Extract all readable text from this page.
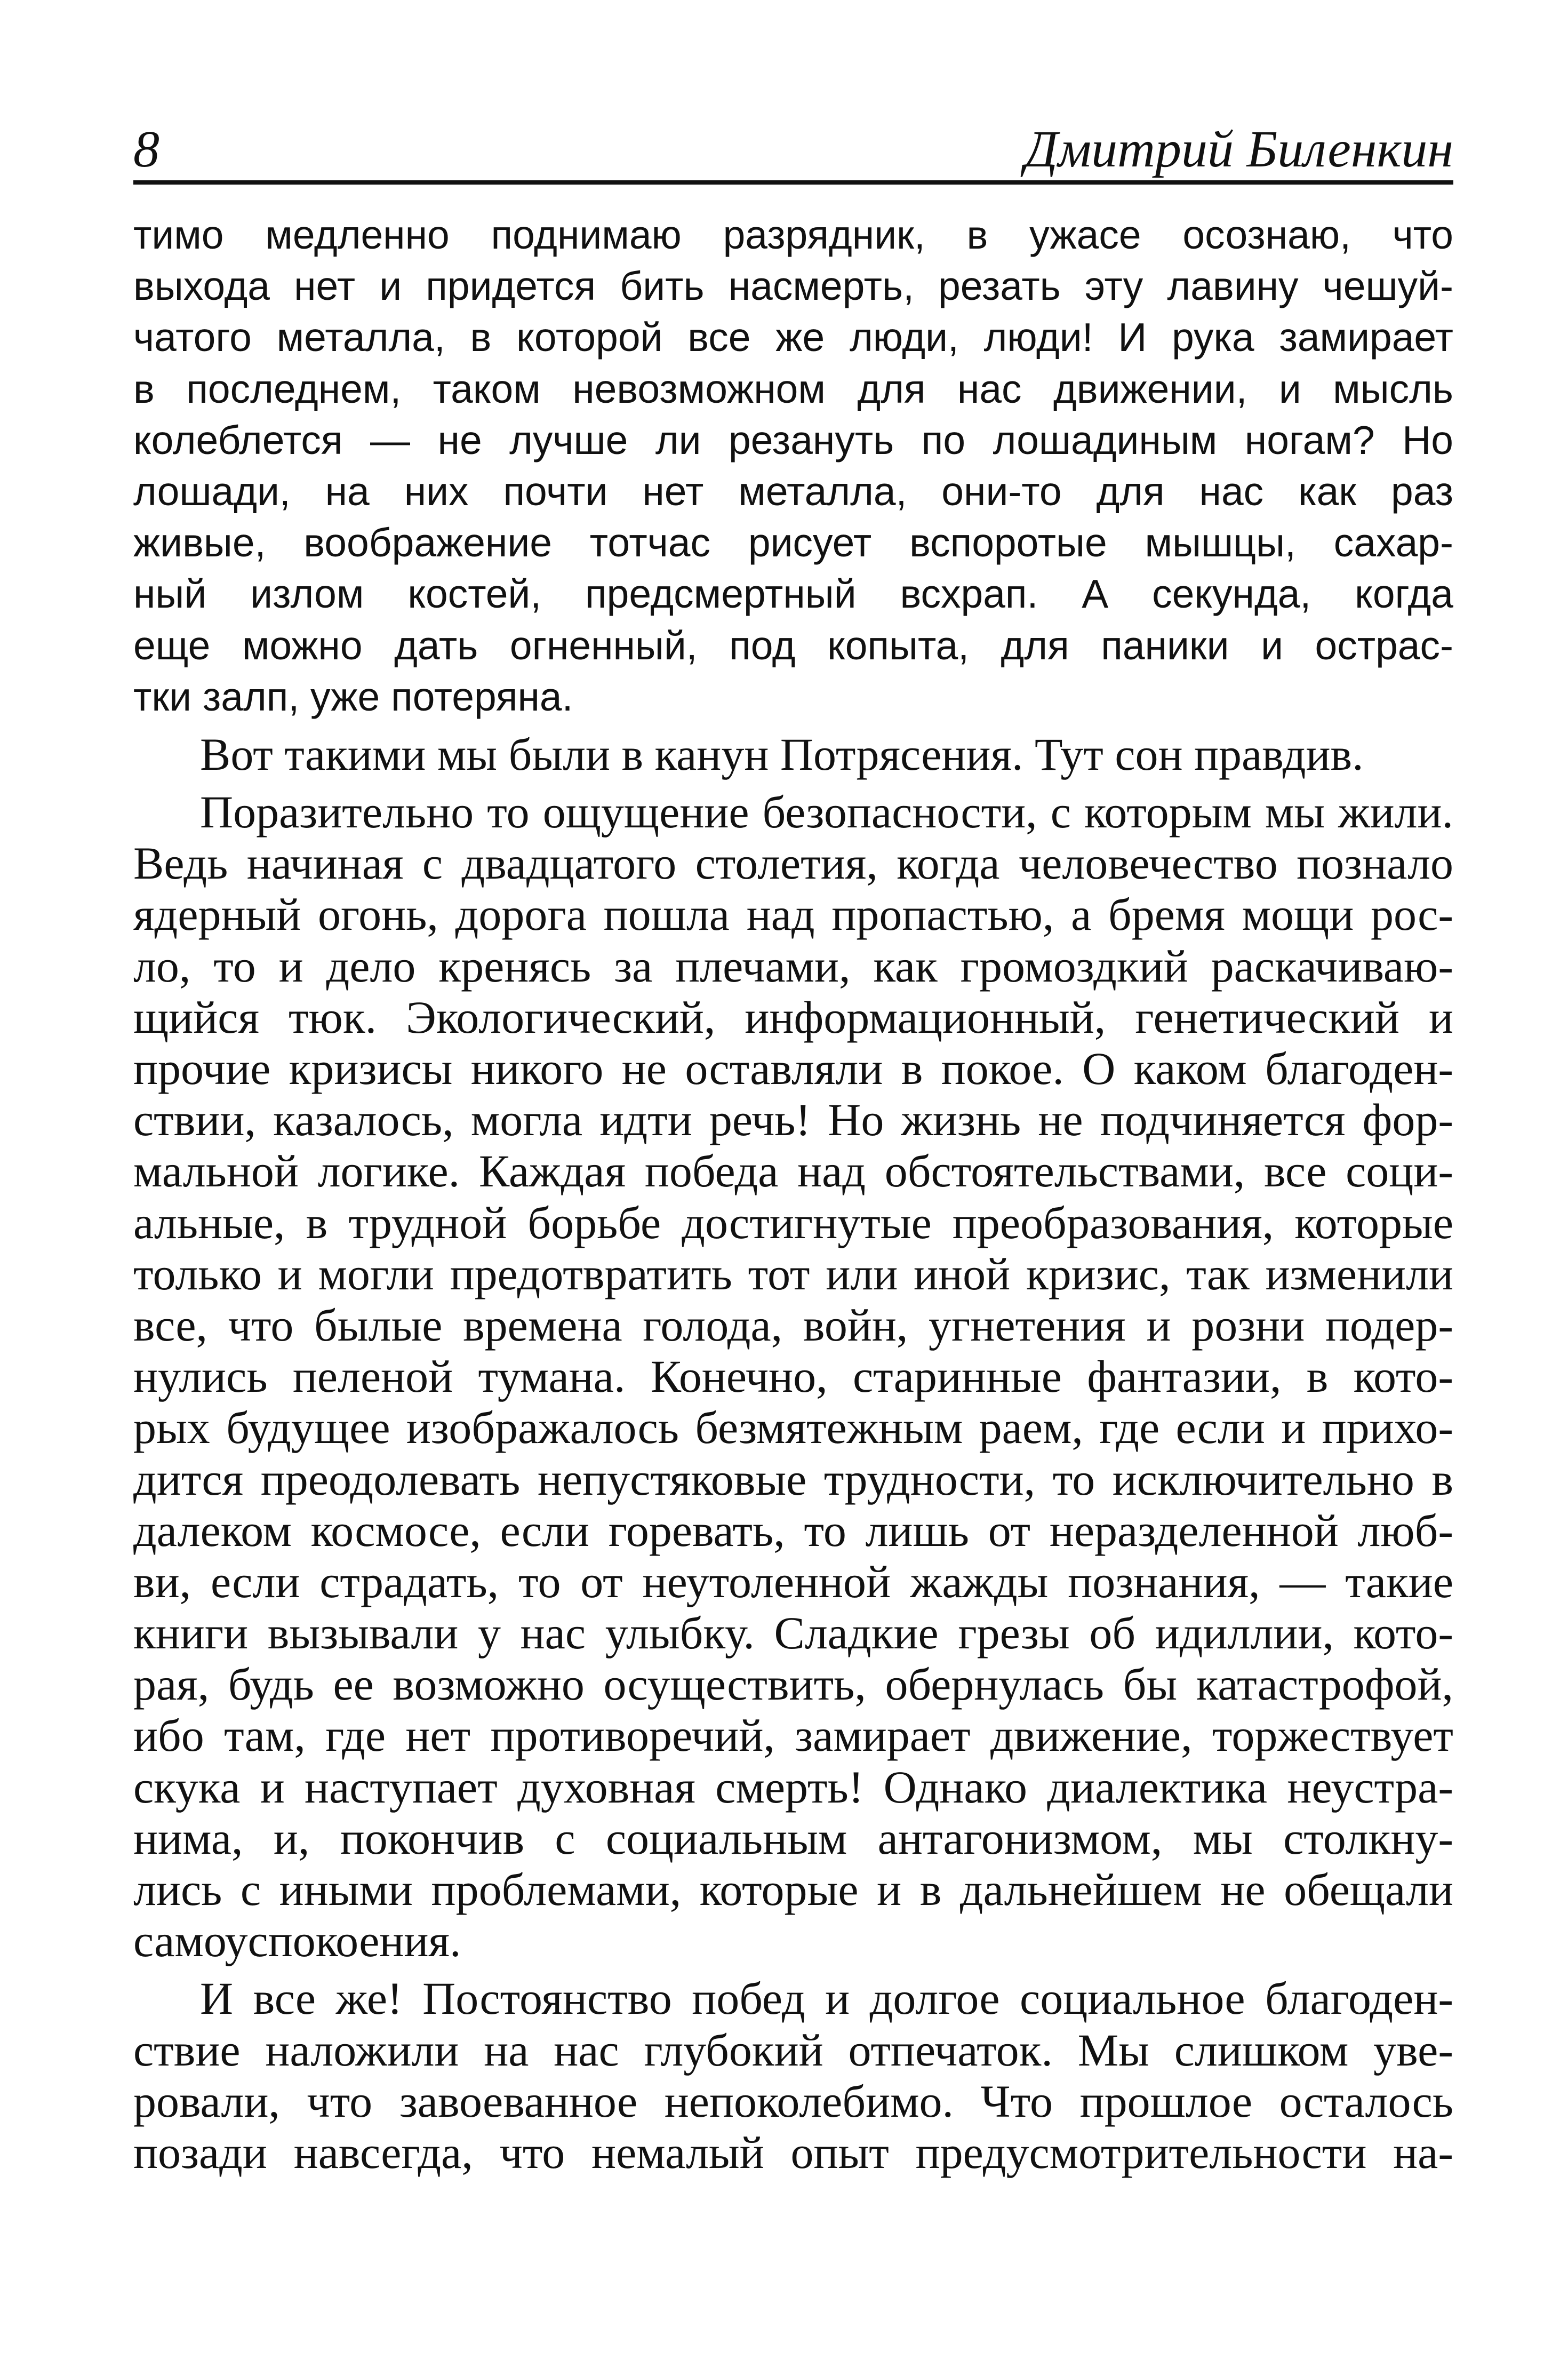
8	Дмитрий Биленкин
тимо медленно поднимаю разрядник, в ужасе осознаю, что
выхода нет и придется бить насмерть, резать эту лавину чешуй-
чатого металла, в которой все же люди, люди! И рука замирает
в последнем, таком невозможном для нас движении, и мысль
колеблется — не лучше ли резануть по лошадиным ногам? Но
лошади, на них почти нет металла, они-то для нас как раз
живые, воображение тотчас рисует вспоротые мышцы, сахар-
ный излом костей, предсмертный всхрап. А секунда, когда
еще можно дать огненный, под копыта, для паники и острас-
тки залп, уже потеряна.
Вот такими мы были в канун Потрясения. Тут сон правдив.
Поразительно то ощущение безопасности, с которым мы жили.
Ведь начиная с двадцатого столетия, когда человечество познало
ядерный огонь, дорога пошла над пропастью, а бремя мощи рос-
ло, то и дело кренясь за плечами, как громоздкий раскачиваю-
щийся тюк. Экологический, информационный, генетический и
прочие кризисы никого не оставляли в покое. О каком благоден-
ствии, казалось, могла идти речь! Но жизнь не подчиняется фор-
мальной логике. Каждая победа над обстоятельствами, все соци-
альные, в трудной борьбе достигнутые преобразования, которые
только и могли предотвратить тот или иной кризис, так изменили
все, что былые времена голода, войн, угнетения и розни подер-
нулись пеленой тумана. Конечно, старинные фантазии, в кото-
рых будущее изображалось безмятежным раем, где если и прихо-
дится преодолевать непустяковые трудности, то исключительно в
далеком космосе, если горевать, то лишь от неразделенной люб-
ви, если страдать, то от неутоленной жажды познания, — такие
книги вызывали у нас улыбку. Сладкие грезы об идиллии, кото-
рая, будь ее возможно осуществить, обернулась бы катастрофой,
ибо там, где нет противоречий, замирает движение, торжествует
скука и наступает духовная смерть! Однако диалектика неустра-
нима, и, покончив с социальным антагонизмом, мы столкну-
лись с иными проблемами, которые и в дальнейшем не обещали
самоуспокоения.
И все же! Постоянство побед и долгое социальное благоден-
ствие наложили на нас глубокий отпечаток. Мы слишком уве-
ровали, что завоеванное непоколебимо. Что прошлое осталось
позади навсегда, что немалый опыт предусмотрительности на-
